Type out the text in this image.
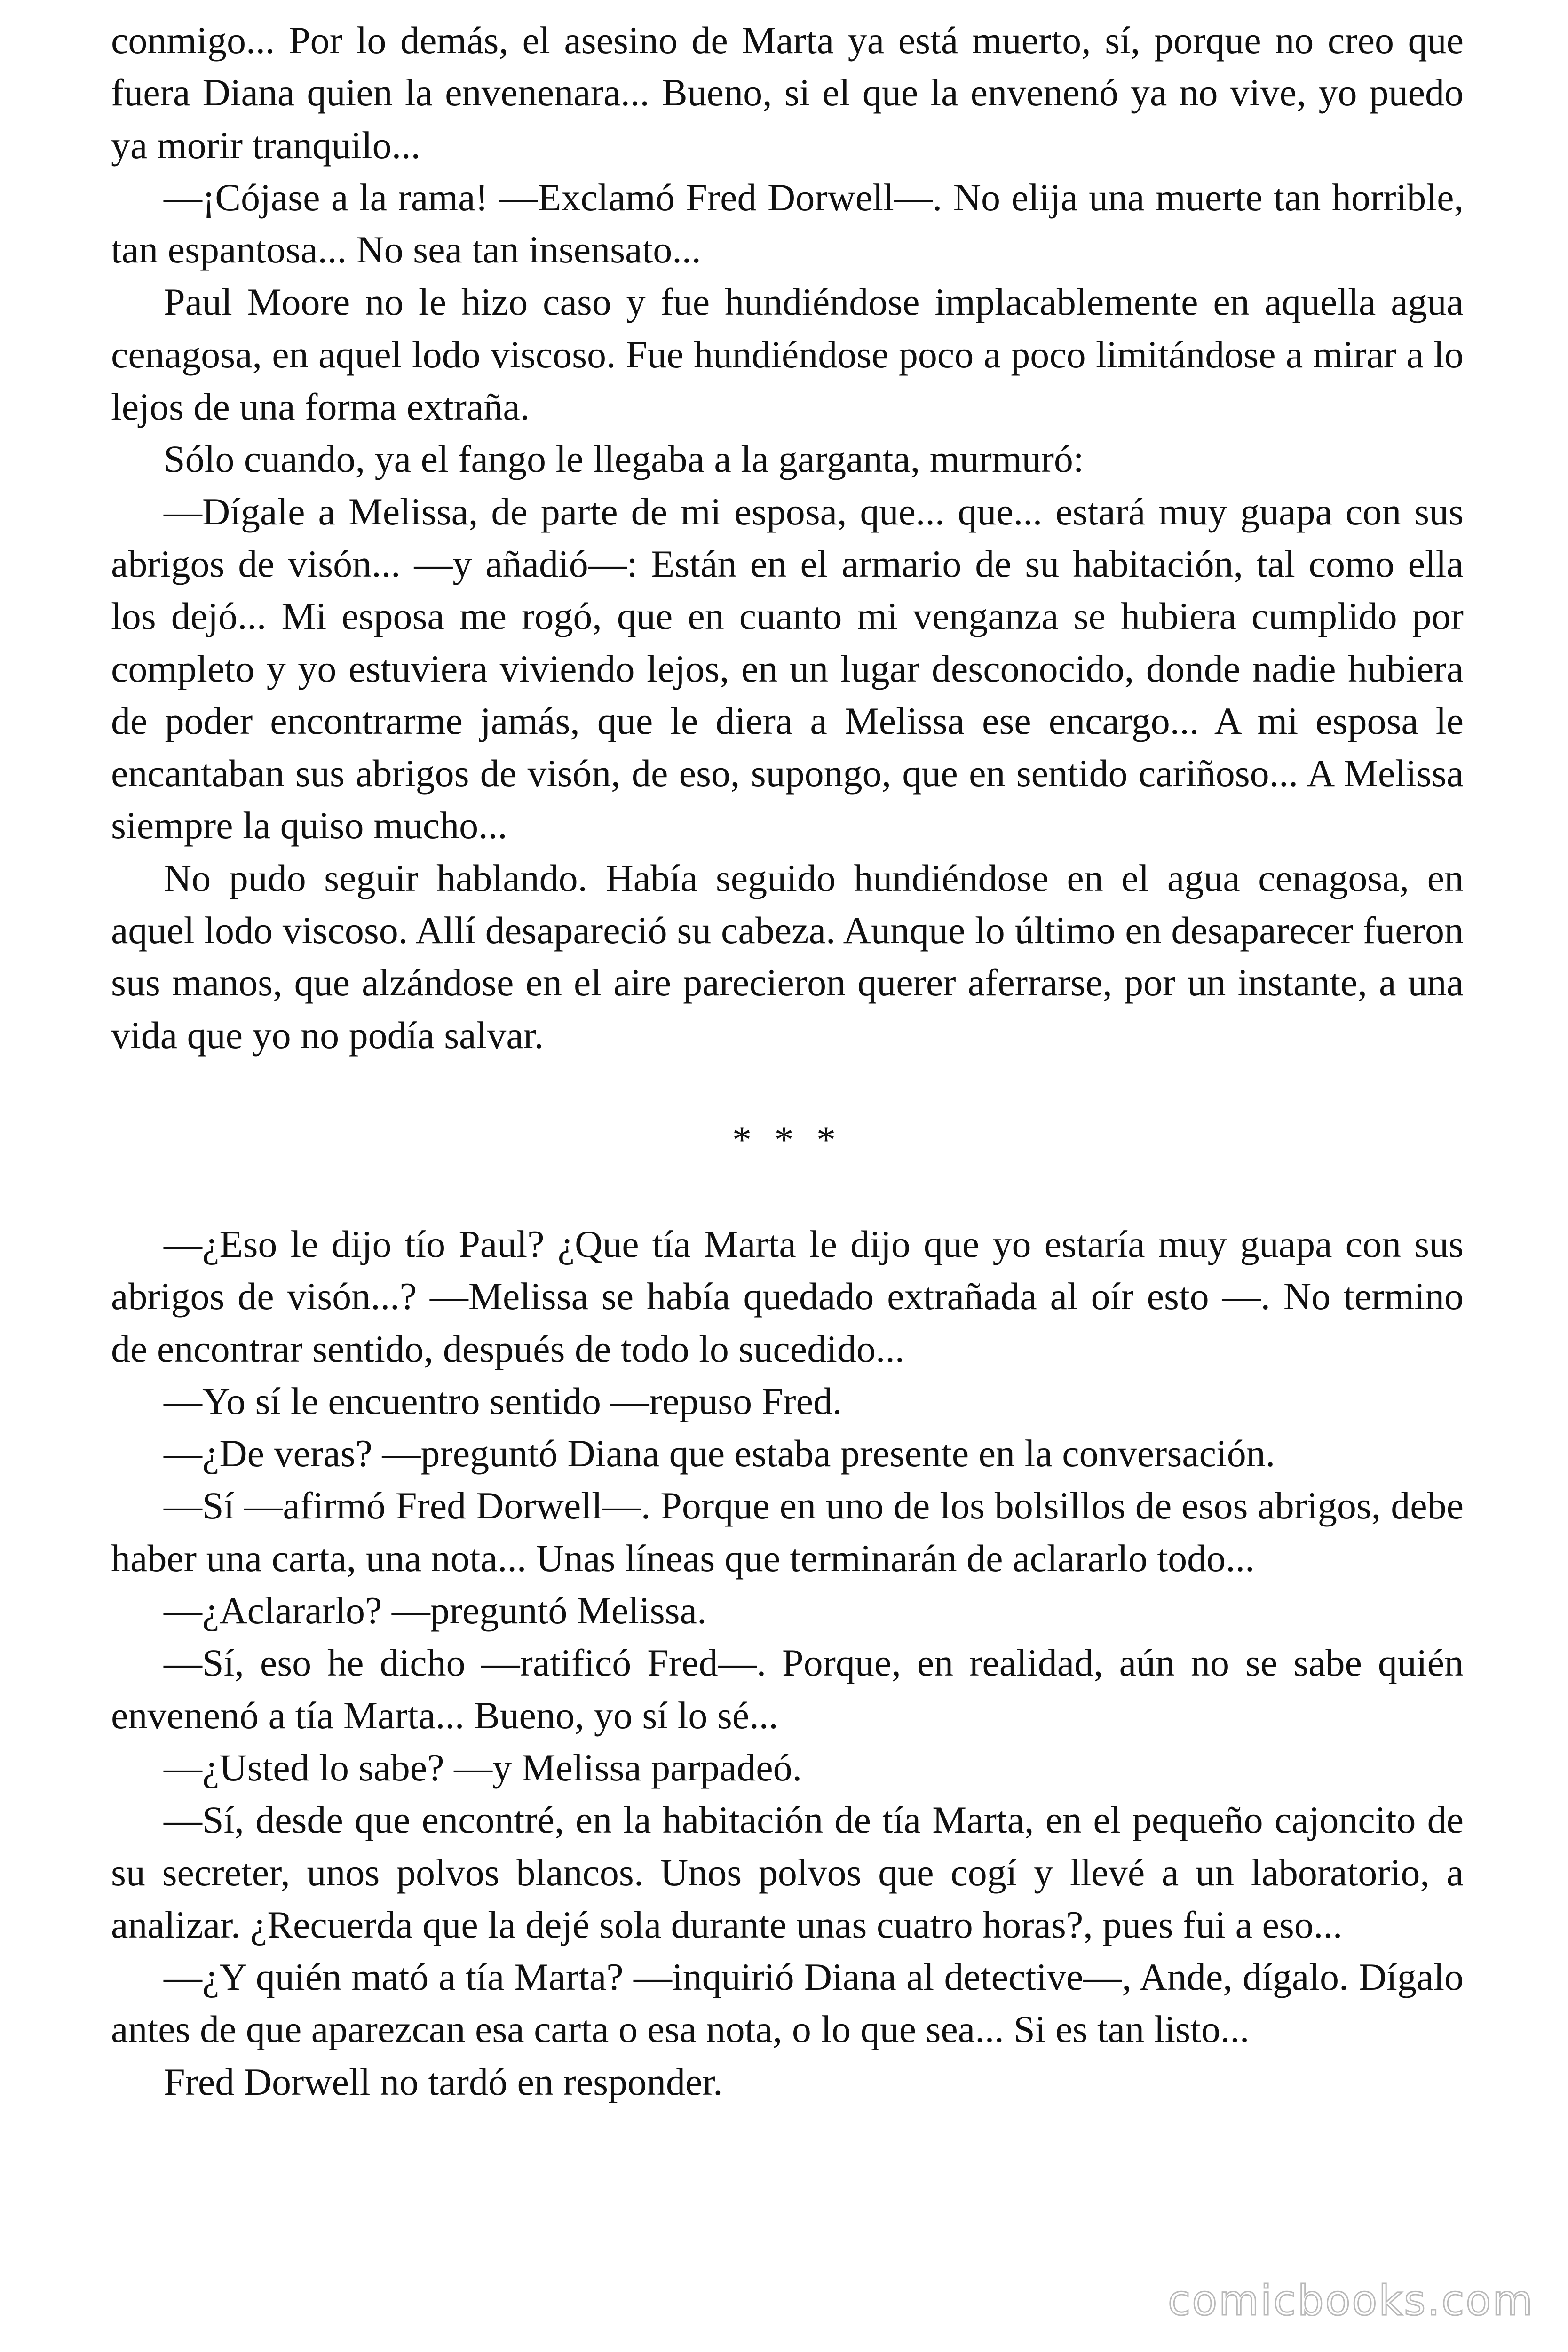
conmigo... Por lo demás, el asesino de Marta ya está muerto, sí, porque no creo que fuera Diana quien la envenenara... Bueno, si el que la envenenó ya no vive, yo puedo ya morir tranquilo...

—¡Cójase a la rama! —Exclamó Fred Dorwell—. No elija una muerte tan horrible, tan espantosa... No sea tan insensato...

Paul Moore no le hizo caso y fue hundiéndose implacablemente en aquella agua cenagosa, en aquel lodo viscoso. Fue hundiéndose poco a poco limitándose a mirar a lo lejos de una forma extraña.

Sólo cuando, ya el fango le llegaba a la garganta, murmuró:

—Dígale a Melissa, de parte de mi esposa, que... que... estará muy guapa con sus abrigos de visón... —y añadió—: Están en el armario de su habitación, tal como ella los dejó... Mi esposa me rogó, que en cuanto mi venganza se hubiera cumplido por completo y yo estuviera viviendo lejos, en un lugar desconocido, donde nadie hubiera de poder encontrarme jamás, que le diera a Melissa ese encargo... A mi esposa le encantaban sus abrigos de visón, de eso, supongo, que en sentido cariñoso... A Melissa siempre la quiso mucho...

No pudo seguir hablando. Había seguido hundiéndose en el agua cenagosa, en aquel lodo viscoso. Allí desapareció su cabeza. Aunque lo último en desaparecer fueron sus manos, que alzándose en el aire parecieron querer aferrarse, por un instante, a una vida que yo no podía salvar.

* * *

—¿Eso le dijo tío Paul? ¿Que tía Marta le dijo que yo estaría muy guapa con sus abrigos de visón...? —Melissa se había quedado extrañada al oír esto —. No termino de encontrar sentido, después de todo lo sucedido...

—Yo sí le encuentro sentido —repuso Fred.

—¿De veras? —preguntó Diana que estaba presente en la conversación.

—Sí —afirmó Fred Dorwell—. Porque en uno de los bolsillos de esos abrigos, debe haber una carta, una nota... Unas líneas que terminarán de aclararlo todo...

—¿Aclararlo? —preguntó Melissa.

—Sí, eso he dicho —ratificó Fred—. Porque, en realidad, aún no se sabe quién envenenó a tía Marta... Bueno, yo sí lo sé...

—¿Usted lo sabe? —y Melissa parpadeó.

—Sí, desde que encontré, en la habitación de tía Marta, en el pequeño cajoncito de su secreter, unos polvos blancos. Unos polvos que cogí y llevé a un laboratorio, a analizar. ¿Recuerda que la dejé sola durante unas cuatro horas?, pues fui a eso...

—¿Y quién mató a tía Marta? —inquirió Diana al detective—, Ande, dígalo. Dígalo antes de que aparezcan esa carta o esa nota, o lo que sea... Si es tan listo...

Fred Dorwell no tardó en responder.

comicbooks.com
